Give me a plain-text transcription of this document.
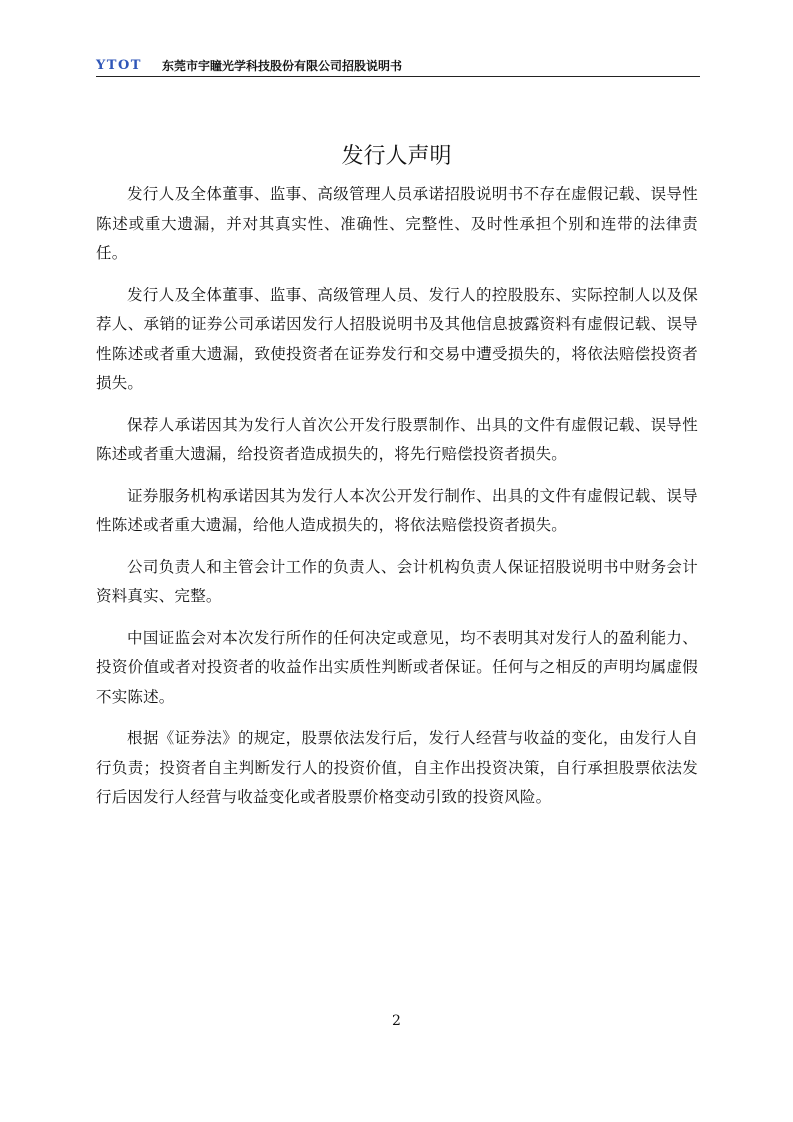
YTOT 东莞市宇瞳光学科技股份有限公司招股说明书
发行人声明

发行人及全体董事、监事、高级管理人员承诺招股说明书不存在虚假记载、误导性陈述或重大遗漏，并对其真实性、准确性、完整性、及时性承担个别和连带的法律责任。

发行人及全体董事、监事、高级管理人员、发行人的控股股东、实际控制人以及保荐人、承销的证券公司承诺因发行人招股说明书及其他信息披露资料有虚假记载、误导性陈述或者重大遗漏，致使投资者在证券发行和交易中遭受损失的，将依法赔偿投资者损失。

保荐人承诺因其为发行人首次公开发行股票制作、出具的文件有虚假记载、误导性陈述或者重大遗漏，给投资者造成损失的，将先行赔偿投资者损失。

证券服务机构承诺因其为发行人本次公开发行制作、出具的文件有虚假记载、误导性陈述或者重大遗漏，给他人造成损失的，将依法赔偿投资者损失。

公司负责人和主管会计工作的负责人、会计机构负责人保证招股说明书中财务会计资料真实、完整。

中国证监会对本次发行所作的任何决定或意见，均不表明其对发行人的盈利能力、投资价值或者对投资者的收益作出实质性判断或者保证。任何与之相反的声明均属虚假不实陈述。

根据《证券法》的规定，股票依法发行后，发行人经营与收益的变化，由发行人自行负责；投资者自主判断发行人的投资价值，自主作出投资决策，自行承担股票依法发行后因发行人经营与收益变化或者股票价格变动引致的投资风险。

2
